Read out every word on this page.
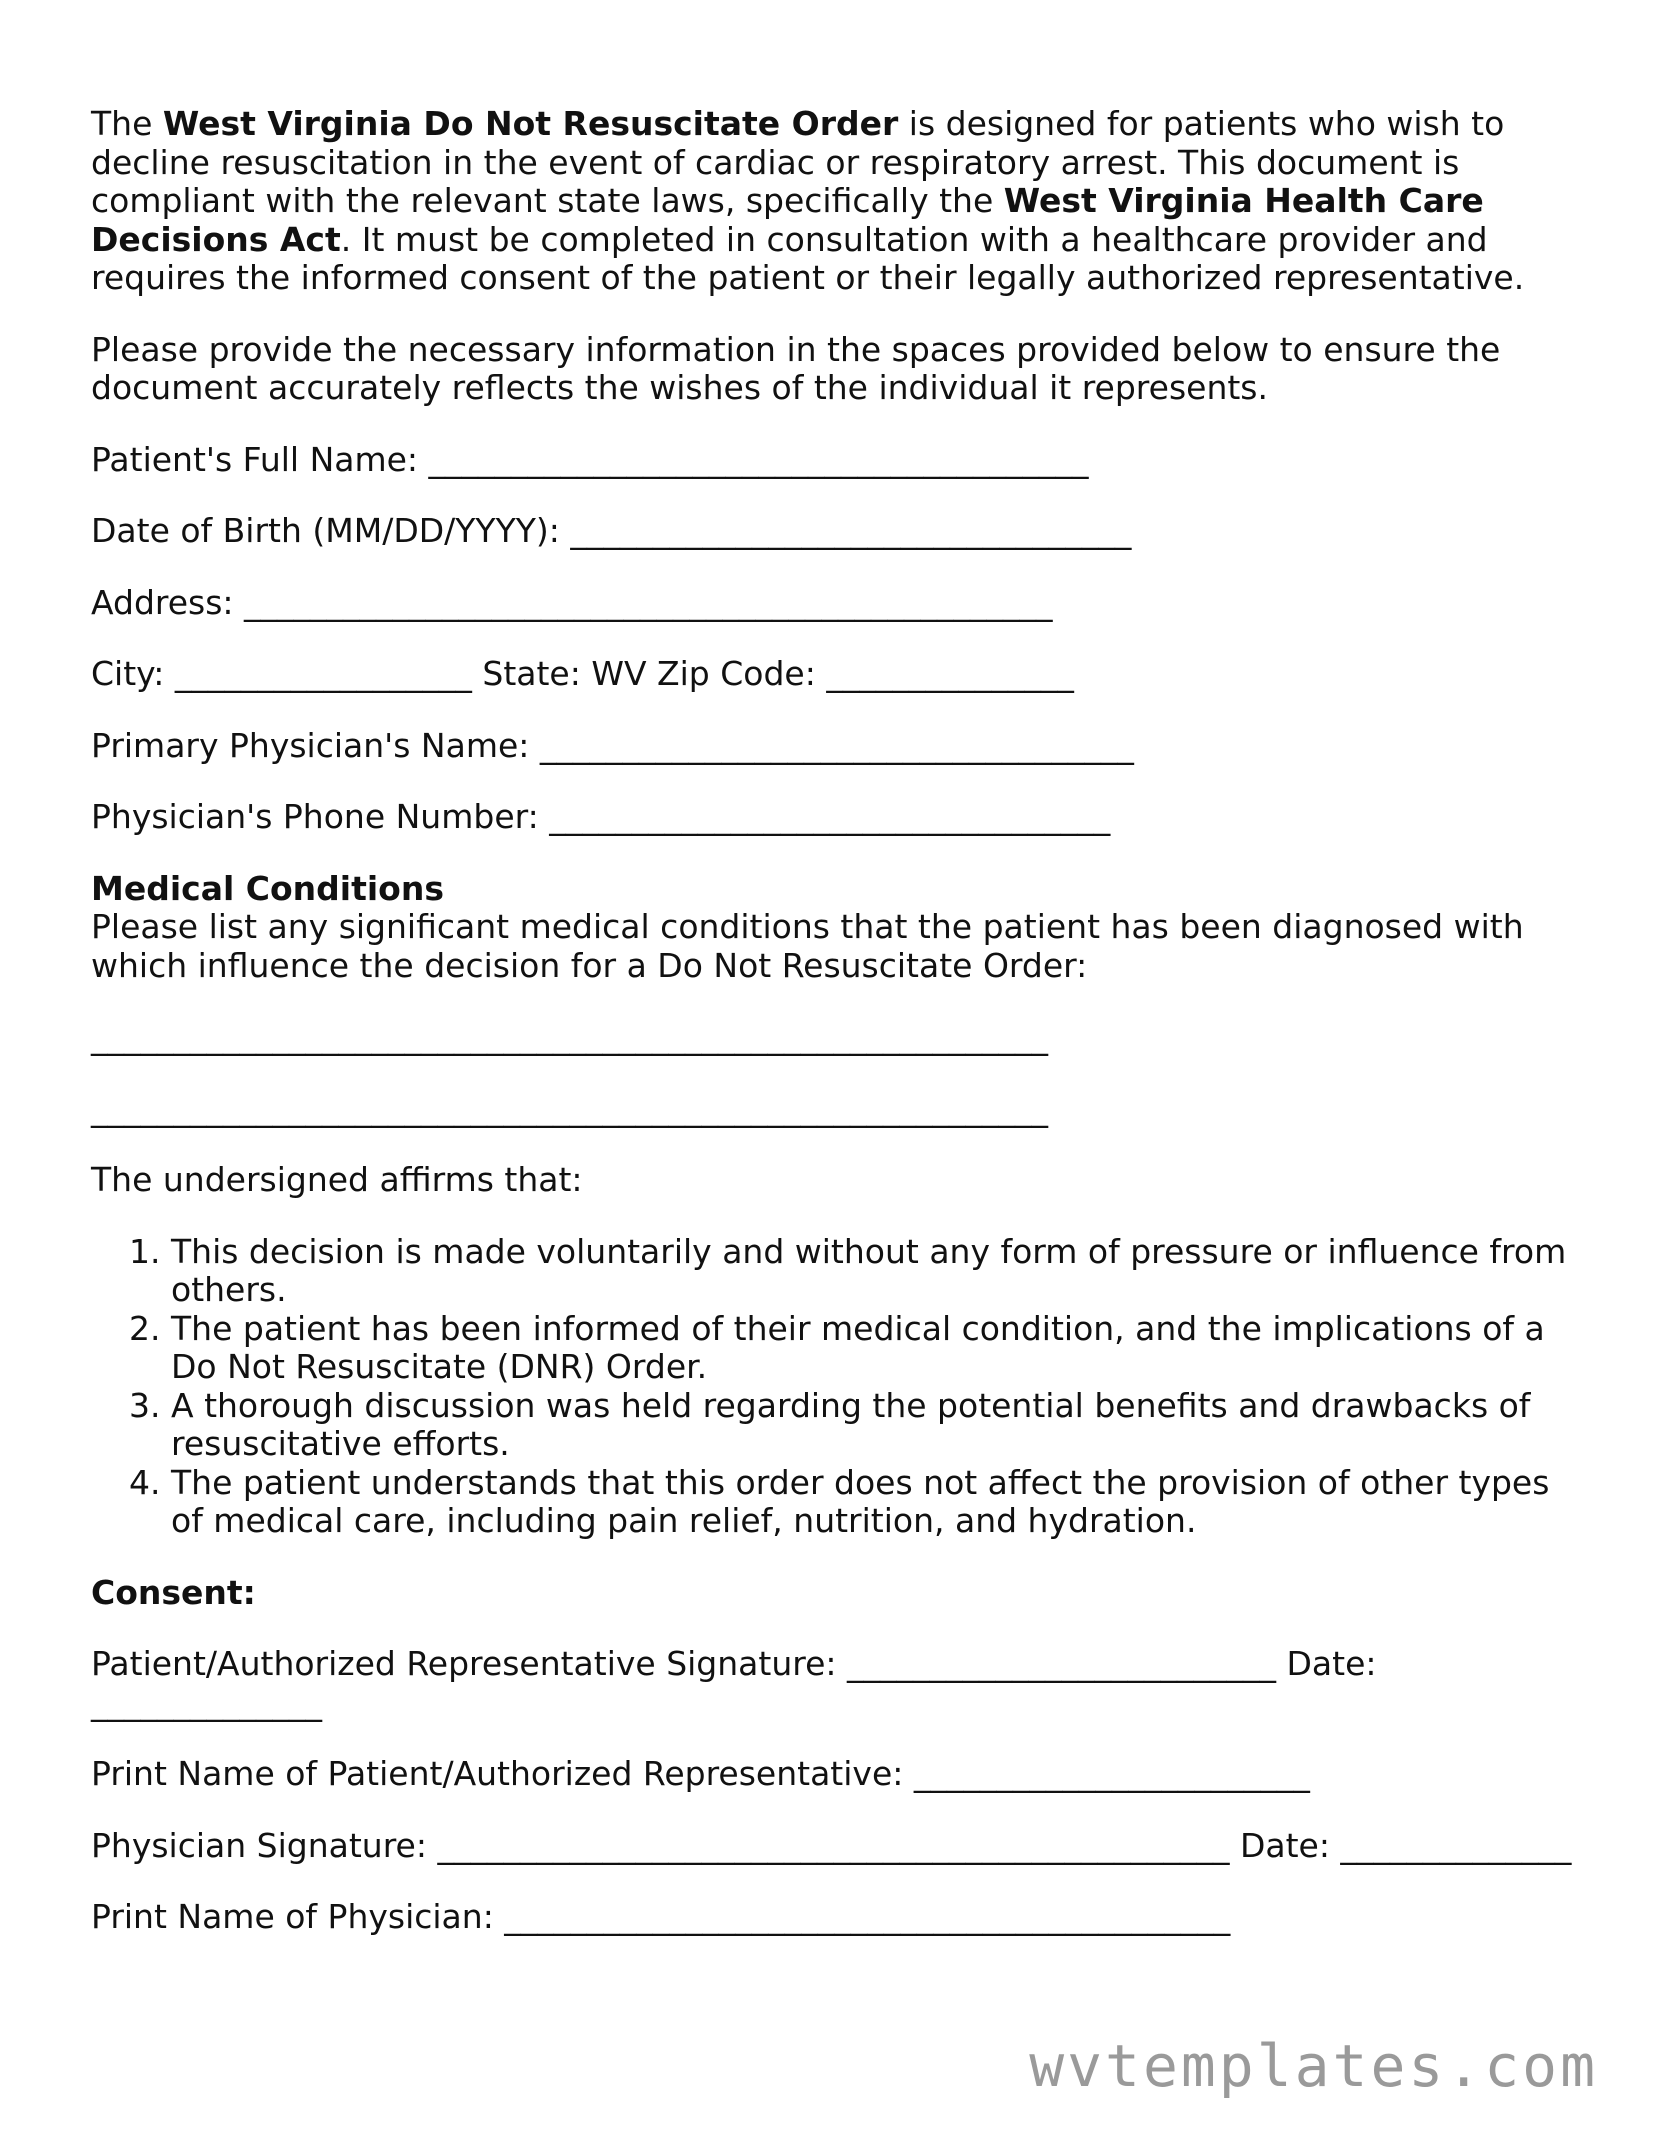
The West Virginia Do Not Resuscitate Order is designed for patients who wish to decline resuscitation in the event of cardiac or respiratory arrest. This document is compliant with the relevant state laws, specifically the West Virginia Health Care Decisions Act. It must be completed in consultation with a healthcare provider and requires the informed consent of the patient or their legally authorized representative.

Please provide the necessary information in the spaces provided below to ensure the document accurately reflects the wishes of the individual it represents.

Patient's Full Name: ________________________________________

Date of Birth (MM/DD/YYYY): __________________________________

Address: _________________________________________________

City: __________________ State: WV Zip Code: _______________

Primary Physician's Name: ____________________________________

Physician's Phone Number: __________________________________

Medical Conditions

Please list any significant medical conditions that the patient has been diagnosed with which influence the decision for a Do Not Resuscitate Order:

__________________________________________________________

__________________________________________________________

The undersigned affirms that:

1. This decision is made voluntarily and without any form of pressure or influence from others.
2. The patient has been informed of their medical condition, and the implications of a Do Not Resuscitate (DNR) Order.
3. A thorough discussion was held regarding the potential benefits and drawbacks of resuscitative efforts.
4. The patient understands that this order does not affect the provision of other types of medical care, including pain relief, nutrition, and hydration.

Consent:

Patient/Authorized Representative Signature: __________________________ Date: ______________

Print Name of Patient/Authorized Representative: ________________________

Physician Signature: ________________________________________________ Date: ______________

Print Name of Physician: ____________________________________________

wvtemplates.com
